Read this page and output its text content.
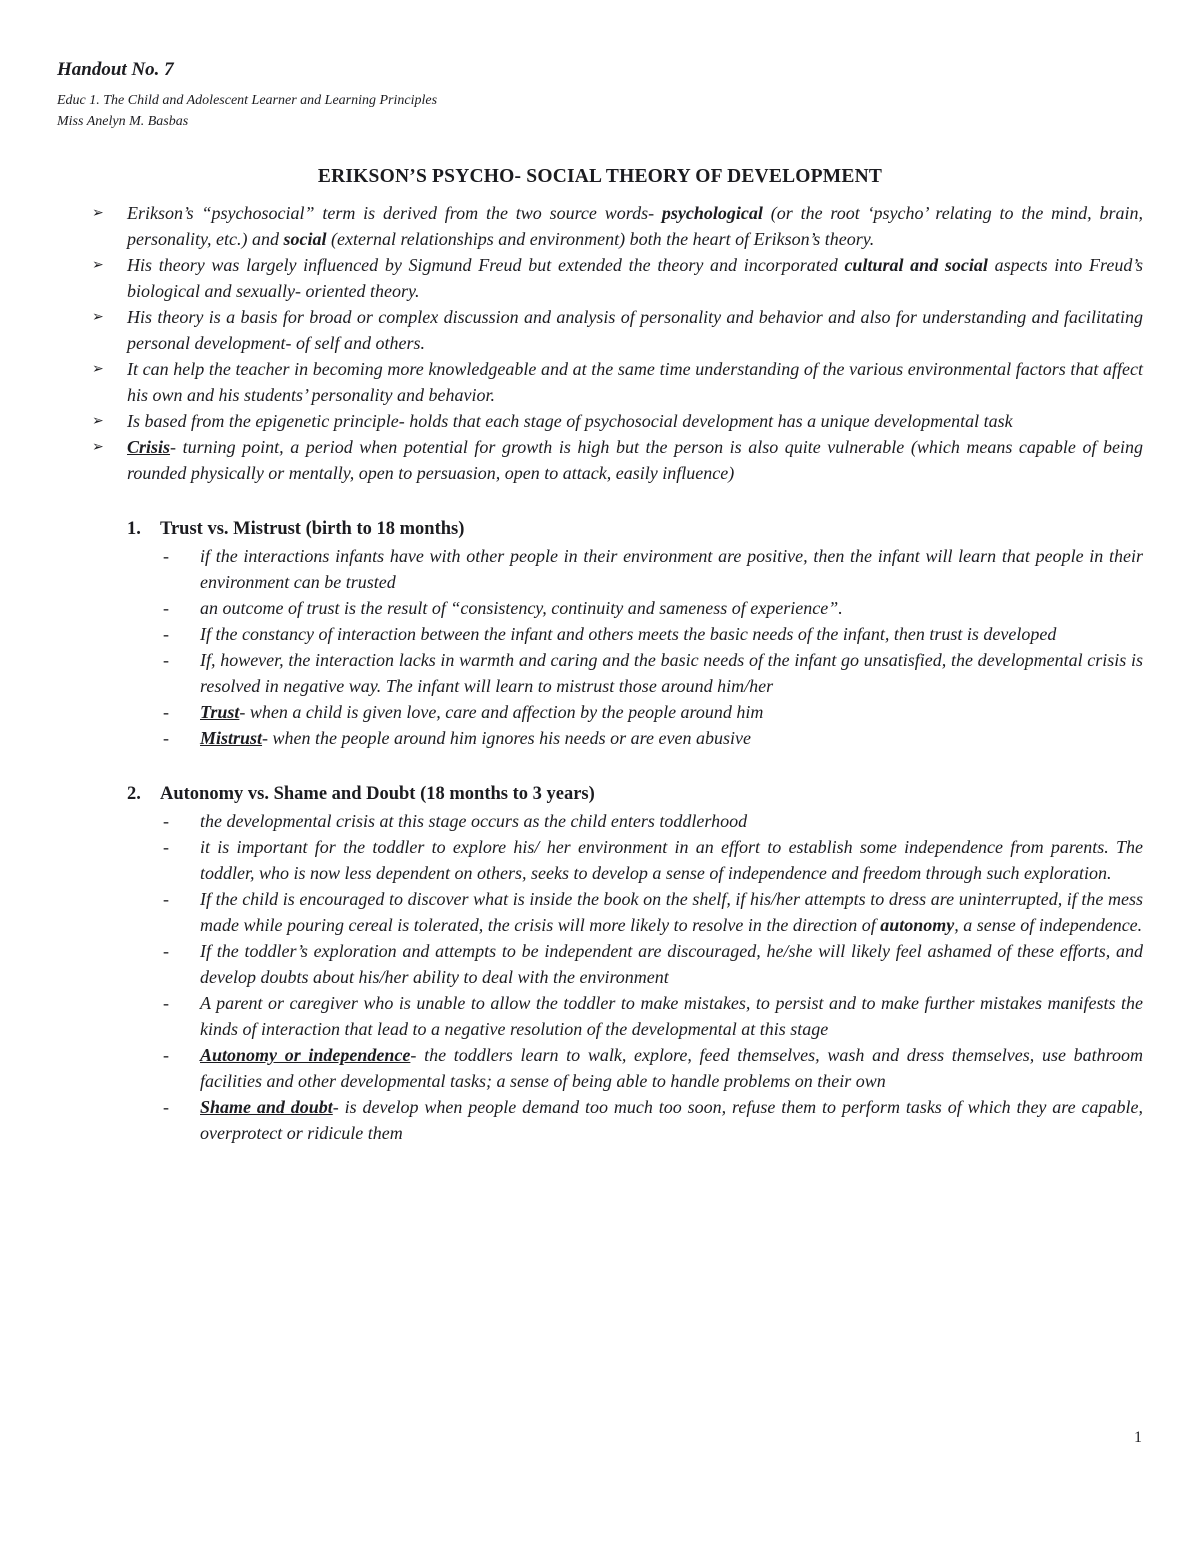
Handout No. 7
Educ 1. The Child and Adolescent Learner and Learning Principles
Miss Anelyn M. Basbas
ERIKSON’S PSYCHO- SOCIAL THEORY OF DEVELOPMENT
➢ Erikson’s “psychosocial” term is derived from the two source words- psychological (or the root ‘psycho’ relating to the mind, brain, personality, etc.) and social (external relationships and environment) both the heart of Erikson’s theory.
➢ His theory was largely influenced by Sigmund Freud but extended the theory and incorporated cultural and social aspects into Freud’s biological and sexually- oriented theory.
➢ His theory is a basis for broad or complex discussion and analysis of personality and behavior and also for understanding and facilitating personal development- of self and others.
➢ It can help the teacher in becoming more knowledgeable and at the same time understanding of the various environmental factors that affect his own and his students’ personality and behavior.
➢ Is based from the epigenetic principle- holds that each stage of psychosocial development has a unique developmental task
➢ Crisis- turning point, a period when potential for growth is high but the person is also quite vulnerable (which means capable of being rounded physically or mentally, open to persuasion, open to attack, easily influence)
1.	Trust vs. Mistrust (birth to 18 months)
- if the interactions infants have with other people in their environment are positive, then the infant will learn that people in their environment can be trusted
- an outcome of trust is the result of “consistency, continuity and sameness of experience”.
- If the constancy of interaction between the infant and others meets the basic needs of the infant, then trust is developed
- If, however, the interaction lacks in warmth and caring and the basic needs of the infant go unsatisfied, the developmental crisis is resolved in negative way. The infant will learn to mistrust those around him/her
- Trust- when a child is given love, care and affection by the people around him
- Mistrust- when the people around him ignores his needs or are even abusive
2.	Autonomy vs. Shame and Doubt (18 months to 3 years)
- the developmental crisis at this stage occurs as the child enters toddlerhood
- it is important for the toddler to explore his/ her environment in an effort to establish some independence from parents. The toddler, who is now less dependent on others, seeks to develop a sense of independence and freedom through such exploration.
- If the child is encouraged to discover what is inside the book on the shelf, if his/her attempts to dress are uninterrupted, if the mess made while pouring cereal is tolerated, the crisis will more likely to resolve in the direction of autonomy, a sense of independence.
- If the toddler’s exploration and attempts to be independent are discouraged, he/she will likely feel ashamed of these efforts, and develop doubts about his/her ability to deal with the environment
- A parent or caregiver who is unable to allow the toddler to make mistakes, to persist and to make further mistakes manifests the kinds of interaction that lead to a negative resolution of the developmental at this stage
- Autonomy or independence- the toddlers learn to walk, explore, feed themselves, wash and dress themselves, use bathroom facilities and other developmental tasks; a sense of being able to handle problems on their own
- Shame and doubt- is develop when people demand too much too soon, refuse them to perform tasks of which they are capable, overprotect or ridicule them
1
